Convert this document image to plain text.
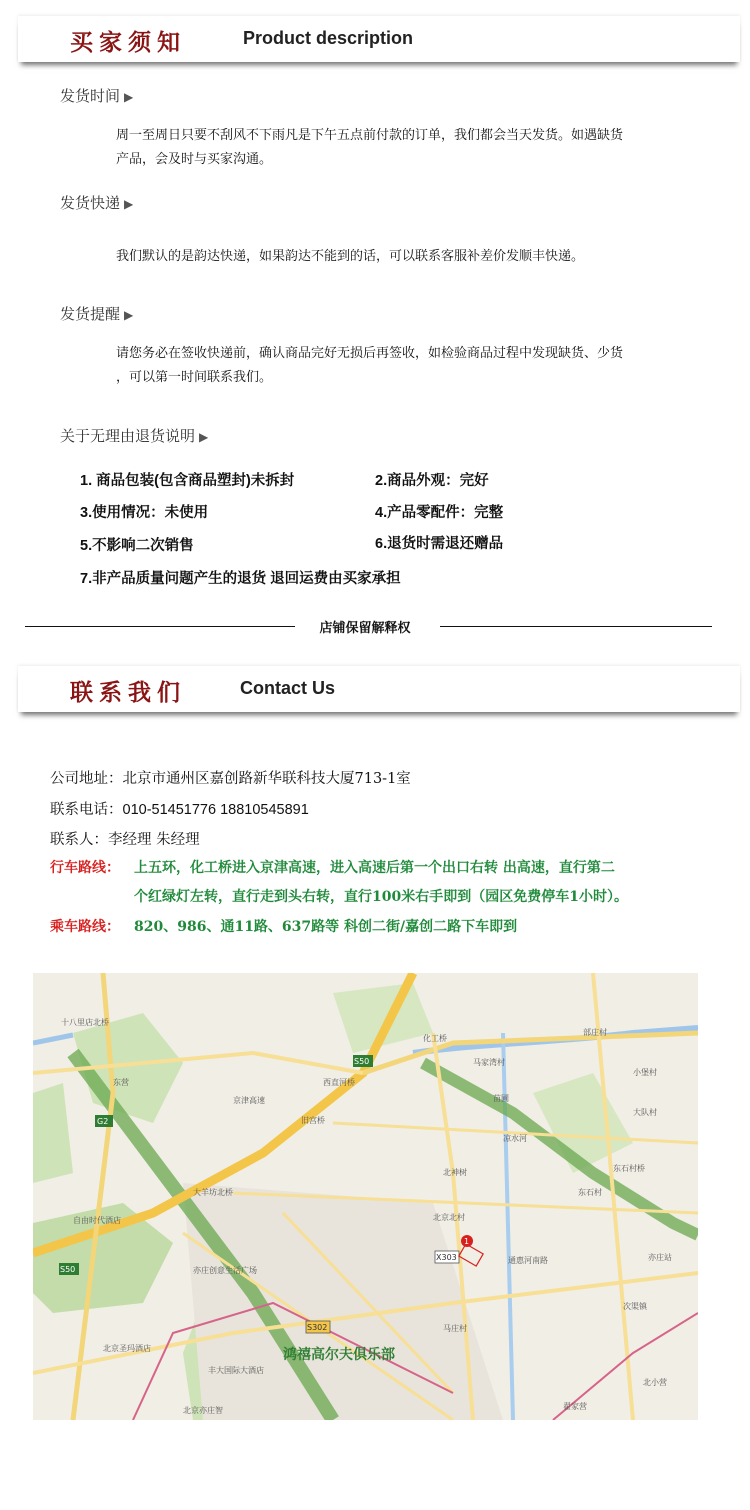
买家须知	Product description
发货时间 ▶
周一至周日只要不刮风不下雨凡是下午五点前付款的订单，我们都会当天发货。如遇缺货
产品，会及时与买家沟通。
发货快递 ▶
我们默认的是韵达快递，如果韵达不能到的话，可以联系客服补差价发顺丰快递。
发货提醒 ▶
请您务必在签收快递前，确认商品完好无损后再签收，如检验商品过程中发现缺货、少货
，可以第一时间联系我们。
关于无理由退货说明 ▶
1. 商品包装(包含商品塑封)未拆封	2.商品外观：完好
3.使用情况：未使用	4.产品零配件：完整
5.不影响二次销售	6.退货时需退还赠品
7.非产品质量问题产生的退货 退回运费由买家承担
店铺保留解释权
联系我们	Contact Us
公司地址：北京市通州区嘉创路新华联科技大厦713-1室
联系电话：010-51451776 18810545891
联系人：李经理 朱经理
行车路线： 上五环，化工桥进入京津高速，进入高速后第一个出口右转 出高速，直行第二
个红绿灯左转，直行走到头右转，直行100米右手即到（园区免费停车1小时）。
乘车路线： 820、986、通11路、637路等 科创二街/嘉创二路下车即到
十八里店北桥
化工桥
西直河桥
马家湾村
旧宫桥
大羊坊北桥
自由时代酒店
亦庄创意生活广场
北京圣玛酒店
北京亦庄智
北神树
北京北村
东石村
亦庄站
次渠镇
马庄村
部庄村
小堡村
大队村
通惠河南路
东石村桥
北小营
丰大国际大酒店
京津高速
凉水河
苗圃
翟家营
东营
G2
S50
S50
X303
S302
鸿禧高尔夫俱乐部
1
